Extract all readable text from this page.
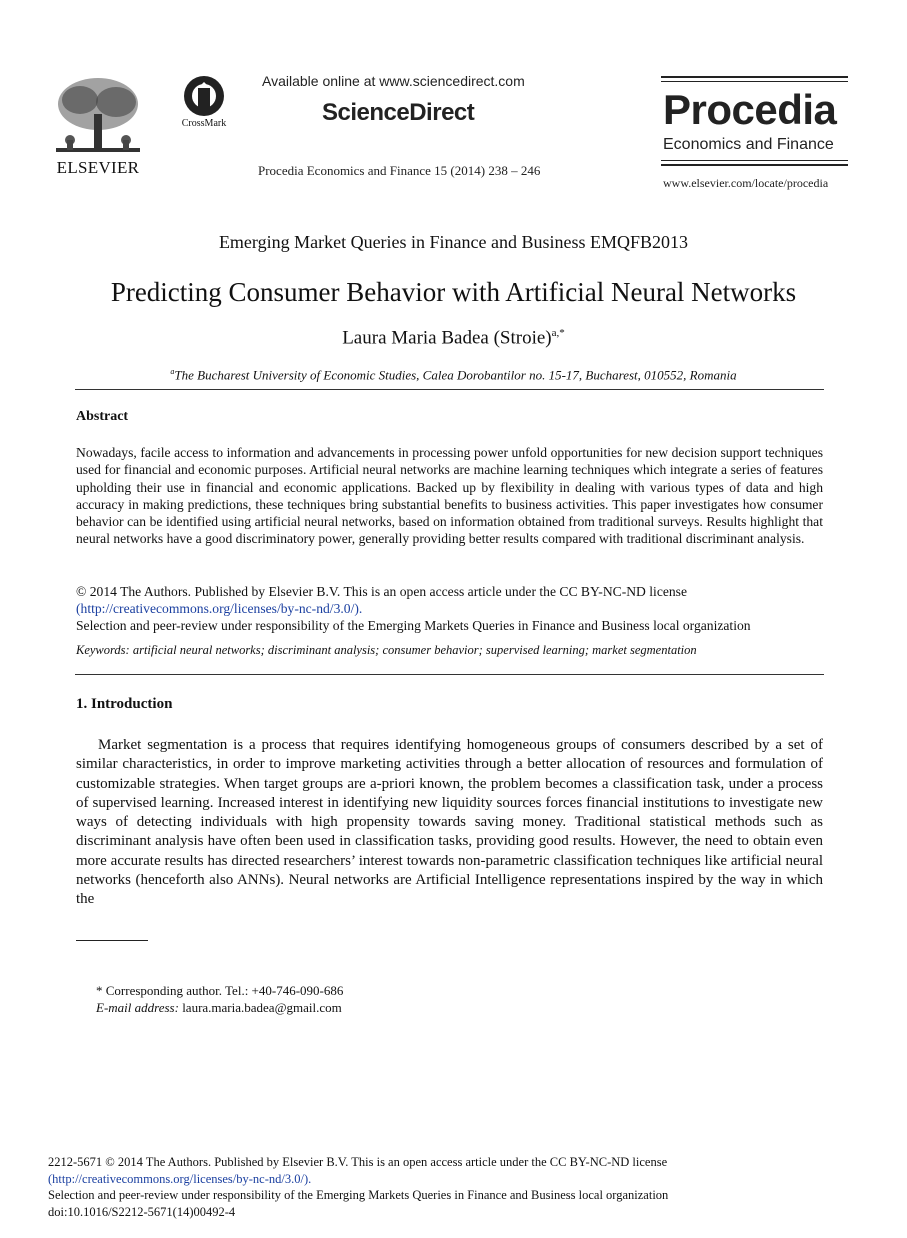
ELSEVIER
CrossMark
Available online at www.sciencedirect.com
ScienceDirect
Procedia Economics and Finance 15 (2014) 238 – 246
Procedia
Economics and Finance
www.elsevier.com/locate/procedia
Emerging Market Queries in Finance and Business EMQFB2013
Predicting Consumer Behavior with Artificial Neural Networks
Laura Maria Badea (Stroie)$^{a,*}$
$^a$The Bucharest University of Economic Studies, Calea Dorobantilor no. 15-17, Bucharest, 010552, Romania
Abstract
Nowadays, facile access to information and advancements in processing power unfold opportunities for new decision support techniques used for financial and economic purposes. Artificial neural networks are machine learning techniques which integrate a series of features upholding their use in financial and economic applications. Backed up by flexibility in dealing with various types of data and high accuracy in making predictions, these techniques bring substantial benefits to business activities. This paper investigates how consumer behavior can be identified using artificial neural networks, based on information obtained from traditional surveys. Results highlight that neural networks have a good discriminatory power, generally providing better results compared with traditional discriminant analysis.
© 2014 The Authors. Published by Elsevier B.V. This is an open access article under the CC BY-NC-ND license
(http://creativecommons.org/licenses/by-nc-nd/3.0/).
Selection and peer-review under responsibility of the Emerging Markets Queries in Finance and Business local organization
Keywords: artificial neural networks; discriminant analysis; consumer behavior; supervised learning; market segmentation
1. Introduction
Market segmentation is a process that requires identifying homogeneous groups of consumers described by a set of similar characteristics, in order to improve marketing activities through a better allocation of resources and formulation of customizable strategies. When target groups are a-priori known, the problem becomes a classification task, under a process of supervised learning. Increased interest in identifying new liquidity sources forces financial institutions to investigate new ways of detecting individuals with high propensity towards saving money. Traditional statistical methods such as discriminant analysis have often been used in classification tasks, providing good results. However, the need to obtain even more accurate results has directed researchers’ interest towards non-parametric classification techniques like artificial neural networks (henceforth also ANNs). Neural networks are Artificial Intelligence representations inspired by the way in which the
* Corresponding author. Tel.: +40-746-090-686
E-mail address: laura.maria.badea@gmail.com
2212-5671 © 2014 The Authors. Published by Elsevier B.V. This is an open access article under the CC BY-NC-ND license
(http://creativecommons.org/licenses/by-nc-nd/3.0/).
Selection and peer-review under responsibility of the Emerging Markets Queries in Finance and Business local organization
doi:10.1016/S2212-5671(14)00492-4
